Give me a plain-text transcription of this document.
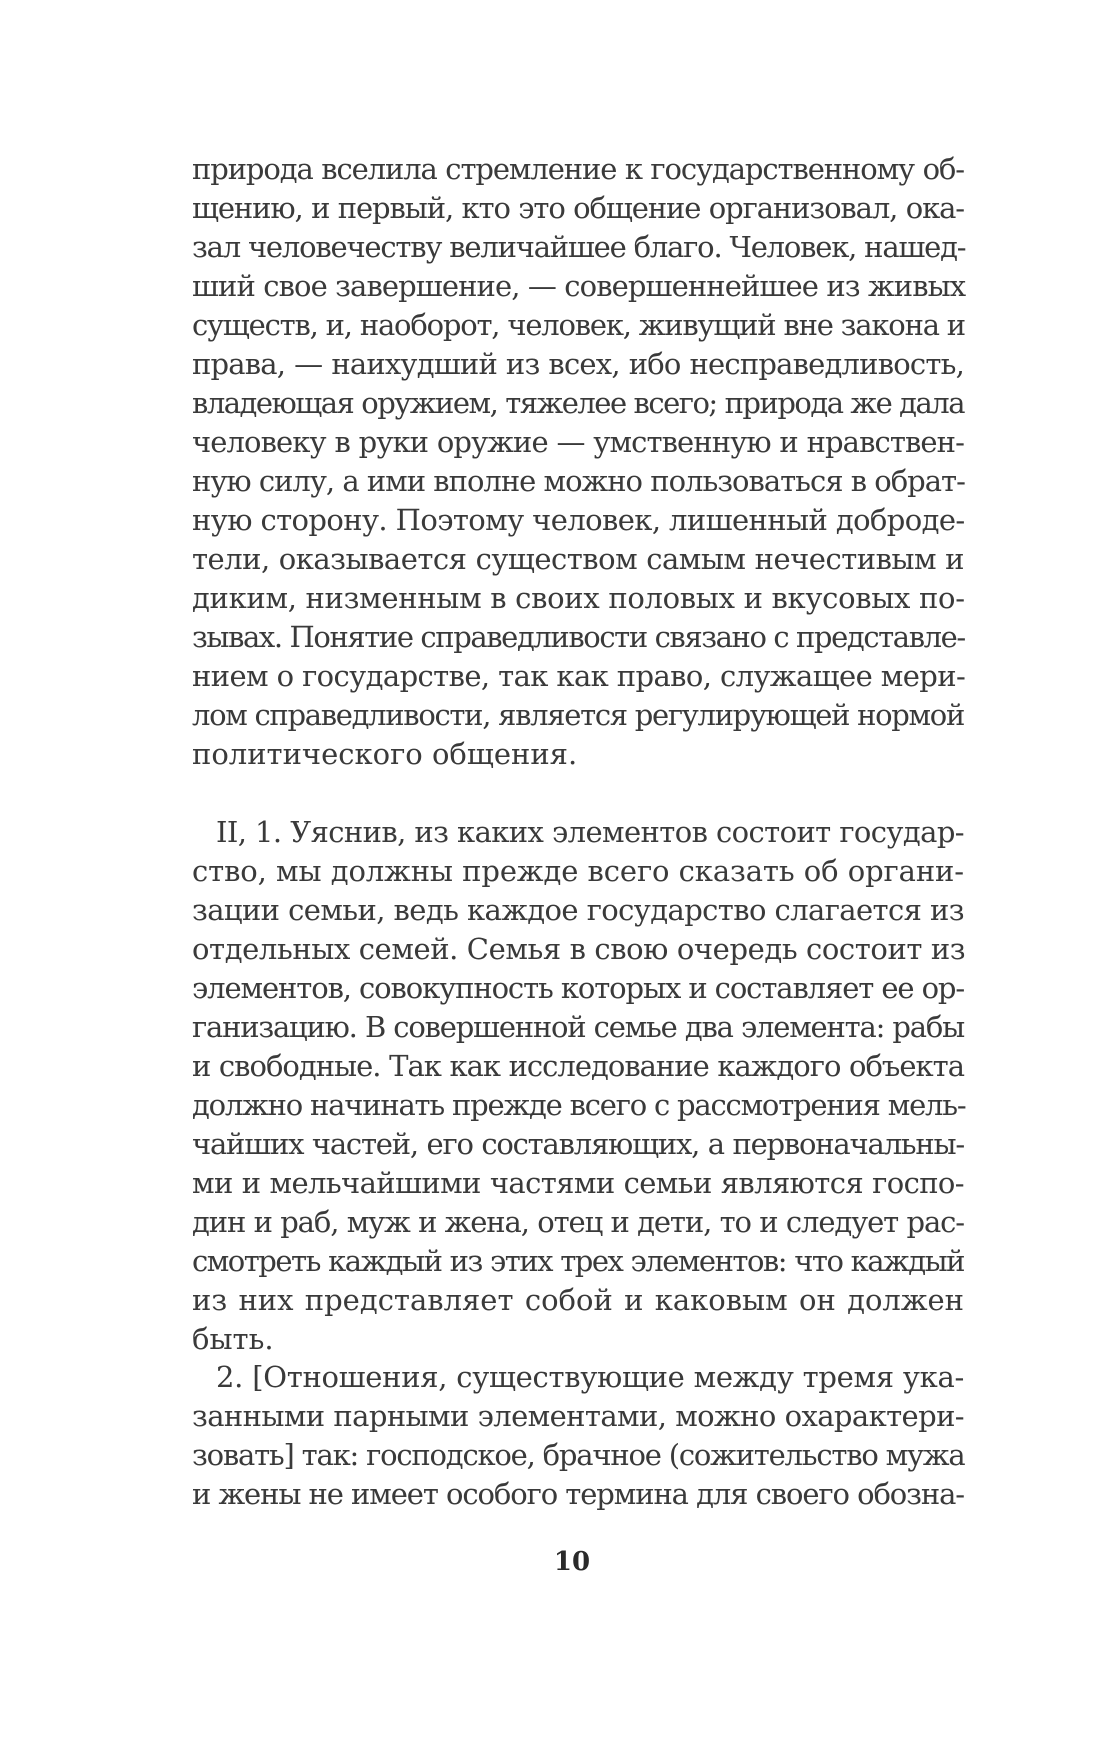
природа вселила стремление к государственному об-
щению, и первый, кто это общение организовал, ока-
зал человечеству величайшее благо. Человек, нашед-
ший свое завершение, — совершеннейшее из живых
существ, и, наоборот, человек, живущий вне закона и
права, — наихудший из всех, ибо несправедливость,
владеющая оружием, тяжелее всего; природа же дала
человеку в руки оружие — умственную и нравствен-
ную силу, а ими вполне можно пользоваться в обрат-
ную сторону. Поэтому человек, лишенный доброде-
тели, оказывается существом самым нечестивым и
диким, низменным в своих половых и вкусовых по-
зывах. Понятие справедливости связано с представле-
нием о государстве, так как право, служащее мери-
лом справедливости, является регулирующей нормой
политического общения.
II, 1. Уяснив, из каких элементов состоит государ-
ство, мы должны прежде всего сказать об органи-
зации семьи, ведь каждое государство слагается из
отдельных семей. Семья в свою очередь состоит из
элементов, совокупность которых и составляет ее ор-
ганизацию. В совершенной семье два элемента: рабы
и свободные. Так как исследование каждого объекта
должно начинать прежде всего с рассмотрения мель-
чайших частей, его составляющих, а первоначальны-
ми и мельчайшими частями семьи являются госпо-
дин и раб, муж и жена, отец и дети, то и следует рас-
смотреть каждый из этих трех элементов: что каждый
из них представляет собой и каковым он должен
быть.
2. [Отношения, существующие между тремя ука-
занными парными элементами, можно охарактери-
зовать] так: господское, брачное (сожительство мужа
и жены не имеет особого термина для своего обозна-
10
